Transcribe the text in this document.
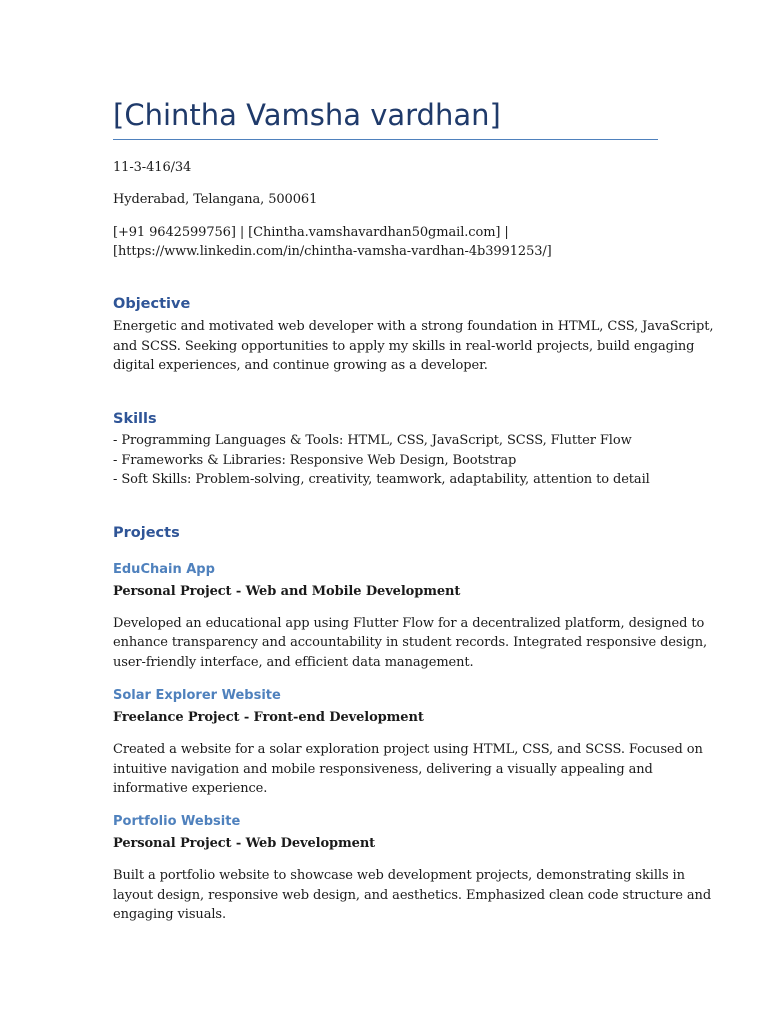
[Chintha Vamsha vardhan]
11-3-416/34
Hyderabad, Telangana, 500061
[+91 9642599756] | [Chintha.vamshavardhan50gmail.com] |
[https://www.linkedin.com/in/chintha-vamsha-vardhan-4b3991253/]
Objective
Energetic and motivated web developer with a strong foundation in HTML, CSS, JavaScript,
and SCSS. Seeking opportunities to apply my skills in real-world projects, build engaging
digital experiences, and continue growing as a developer.
Skills
- Programming Languages & Tools: HTML, CSS, JavaScript, SCSS, Flutter Flow
- Frameworks & Libraries: Responsive Web Design, Bootstrap
- Soft Skills: Problem-solving, creativity, teamwork, adaptability, attention to detail
Projects
EduChain App
Personal Project - Web and Mobile Development
Developed an educational app using Flutter Flow for a decentralized platform, designed to
enhance transparency and accountability in student records. Integrated responsive design,
user-friendly interface, and efficient data management.
Solar Explorer Website
Freelance Project - Front-end Development
Created a website for a solar exploration project using HTML, CSS, and SCSS. Focused on
intuitive navigation and mobile responsiveness, delivering a visually appealing and
informative experience.
Portfolio Website
Personal Project - Web Development
Built a portfolio website to showcase web development projects, demonstrating skills in
layout design, responsive web design, and aesthetics. Emphasized clean code structure and
engaging visuals.
